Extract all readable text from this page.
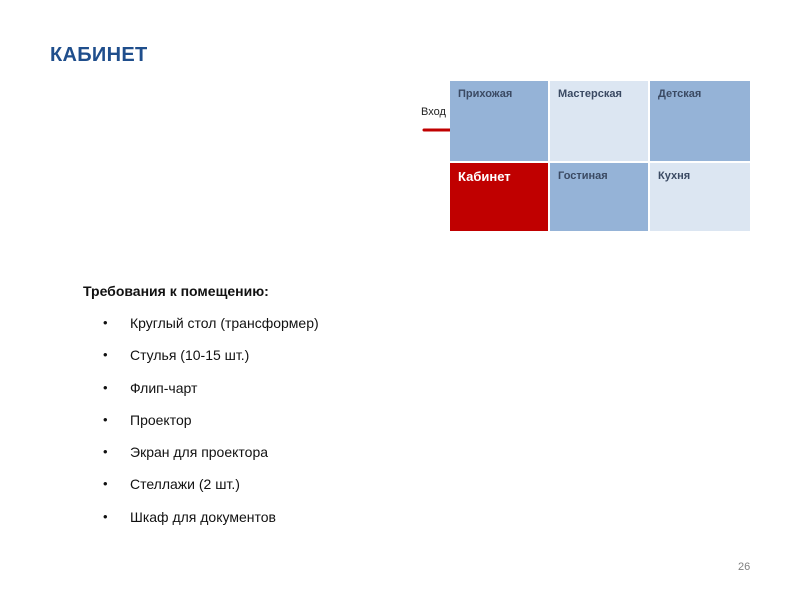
КАБИНЕТ
Вход
Прихожая	Мастерская	Детская
Кабинет	Гостиная	Кухня
Требования к помещению:
• Круглый стол (трансформер)
• Стулья (10-15 шт.)
• Флип-чарт
• Проектор
• Экран для проектора
• Стеллажи (2 шт.)
• Шкаф для документов
26
